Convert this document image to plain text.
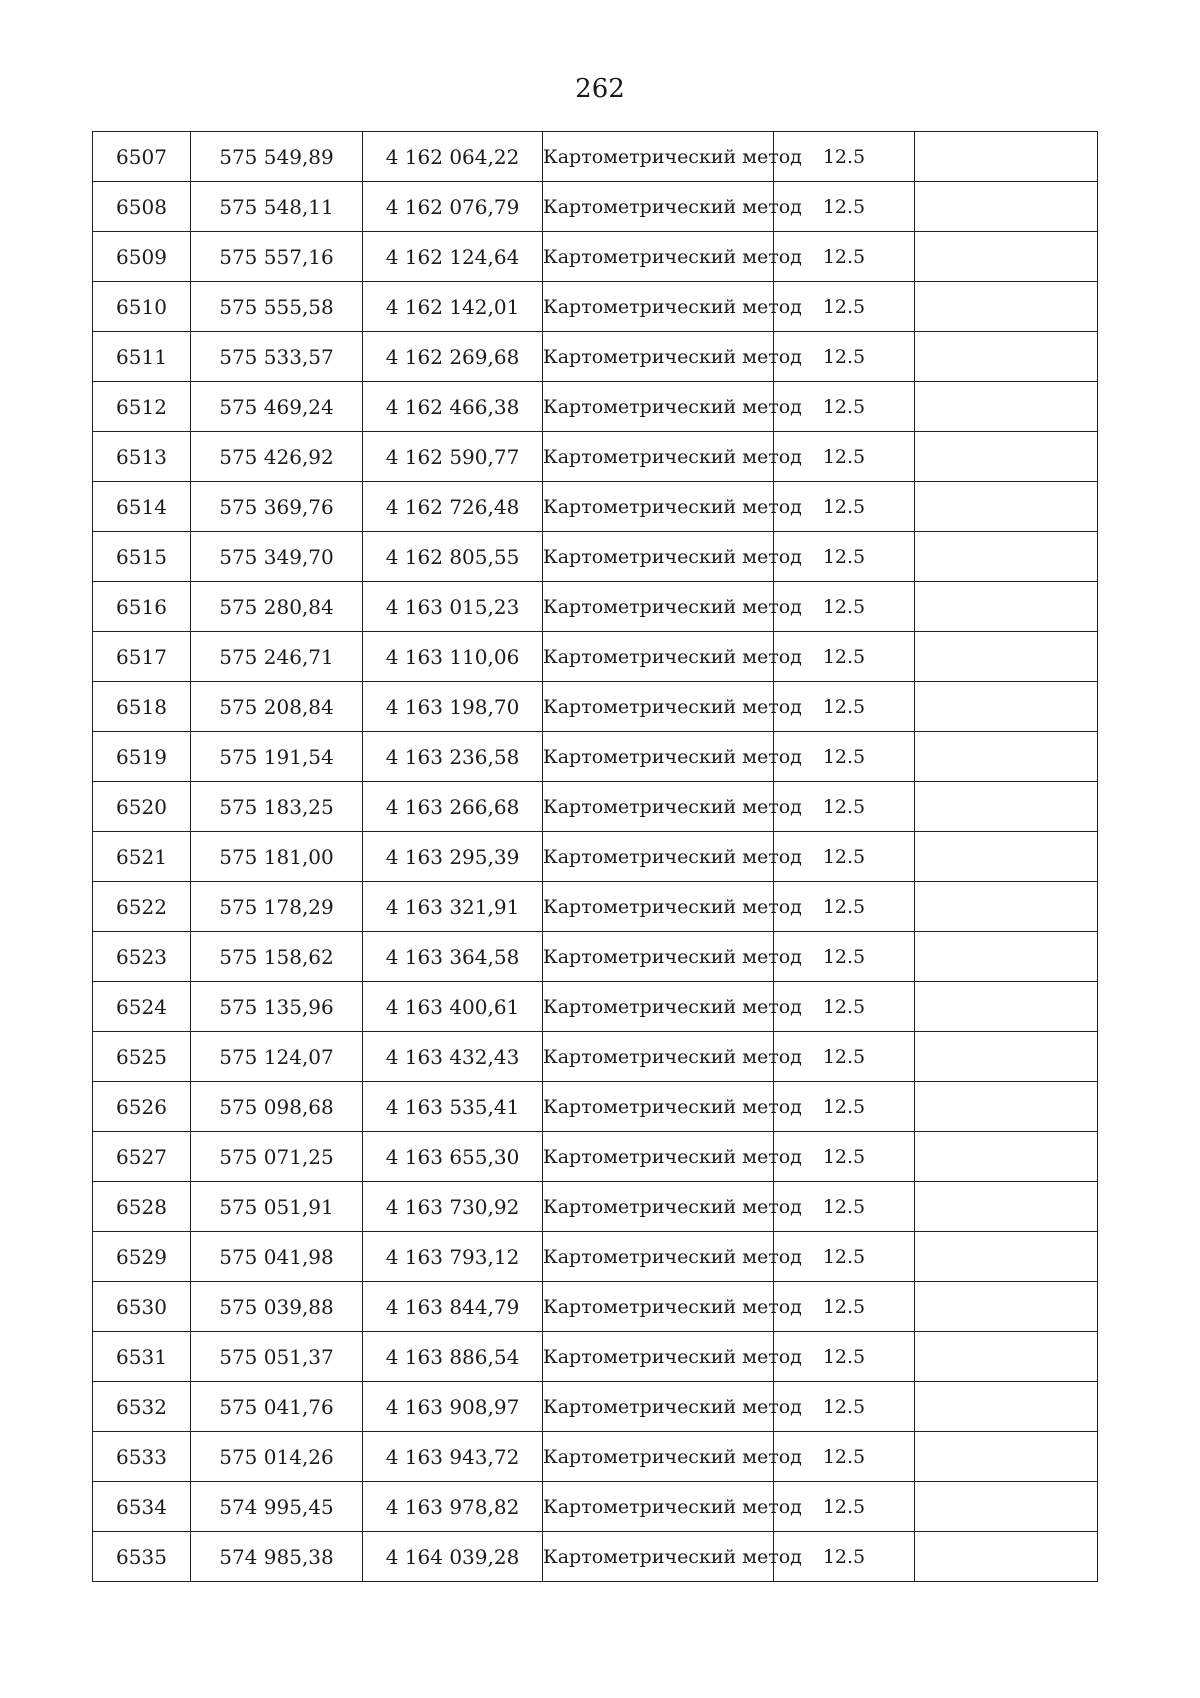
262
6507	575 549,89	4 162 064,22	Картометрический метод	12.5	
6508	575 548,11	4 162 076,79	Картометрический метод	12.5	
6509	575 557,16	4 162 124,64	Картометрический метод	12.5	
6510	575 555,58	4 162 142,01	Картометрический метод	12.5	
6511	575 533,57	4 162 269,68	Картометрический метод	12.5	
6512	575 469,24	4 162 466,38	Картометрический метод	12.5	
6513	575 426,92	4 162 590,77	Картометрический метод	12.5	
6514	575 369,76	4 162 726,48	Картометрический метод	12.5	
6515	575 349,70	4 162 805,55	Картометрический метод	12.5	
6516	575 280,84	4 163 015,23	Картометрический метод	12.5	
6517	575 246,71	4 163 110,06	Картометрический метод	12.5	
6518	575 208,84	4 163 198,70	Картометрический метод	12.5	
6519	575 191,54	4 163 236,58	Картометрический метод	12.5	
6520	575 183,25	4 163 266,68	Картометрический метод	12.5	
6521	575 181,00	4 163 295,39	Картометрический метод	12.5	
6522	575 178,29	4 163 321,91	Картометрический метод	12.5	
6523	575 158,62	4 163 364,58	Картометрический метод	12.5	
6524	575 135,96	4 163 400,61	Картометрический метод	12.5	
6525	575 124,07	4 163 432,43	Картометрический метод	12.5	
6526	575 098,68	4 163 535,41	Картометрический метод	12.5	
6527	575 071,25	4 163 655,30	Картометрический метод	12.5	
6528	575 051,91	4 163 730,92	Картометрический метод	12.5	
6529	575 041,98	4 163 793,12	Картометрический метод	12.5	
6530	575 039,88	4 163 844,79	Картометрический метод	12.5	
6531	575 051,37	4 163 886,54	Картометрический метод	12.5	
6532	575 041,76	4 163 908,97	Картометрический метод	12.5	
6533	575 014,26	4 163 943,72	Картометрический метод	12.5	
6534	574 995,45	4 163 978,82	Картометрический метод	12.5	
6535	574 985,38	4 164 039,28	Картометрический метод	12.5	
